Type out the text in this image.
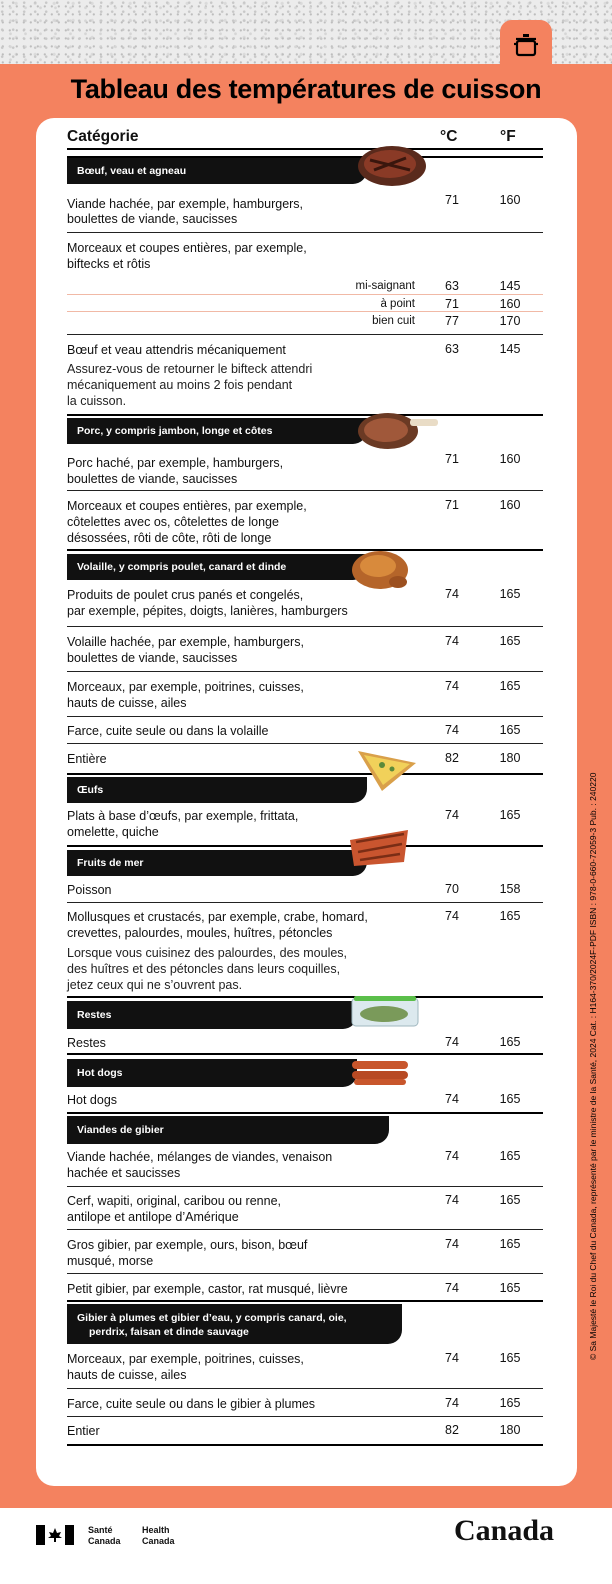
Tableau des températures de cuisson
Catégorie	°C	°F
Bœuf, veau et agneau
Viande hachée, par exemple, hamburgers,
boulettes de viande, saucisses
71	160
Morceaux et coupes entières, par exemple,
biftecks et rôtis
mi-saignant	63	145
à point	71	160
bien cuit	77	170
Bœuf et veau attendris mécaniquement	63	145
Assurez-vous de retourner le bifteck attendri
mécaniquement au moins 2 fois pendant
la cuisson.
Porc, y compris jambon, longe et côtes
Porc haché, par exemple, hamburgers,
boulettes de viande, saucisses
71	160
Morceaux et coupes entières, par exemple,
côtelettes avec os, côtelettes de longe
désossées, rôti de côte, rôti de longe
71	160
Volaille, y compris poulet, canard et dinde
Produits de poulet crus panés et congelés,
par exemple, pépites, doigts, lanières, hamburgers
74	165
Volaille hachée, par exemple, hamburgers,
boulettes de viande, saucisses
74	165
Morceaux, par exemple, poitrines, cuisses,
hauts de cuisse, ailes
74	165
Farce, cuite seule ou dans la volaille	74	165
Entière	82	180
Œufs
Plats à base d’œufs, par exemple, frittata,
omelette, quiche
74	165
Fruits de mer
Poisson	70	158
Mollusques et crustacés, par exemple, crabe, homard,
crevettes, palourdes, moules, huîtres, pétoncles
74	165
Lorsque vous cuisinez des palourdes, des moules,
des huîtres et des pétoncles dans leurs coquilles,
jetez ceux qui ne s’ouvrent pas.
Restes
Restes	74	165
Hot dogs
Hot dogs	74	165
Viandes de gibier
Viande hachée, mélanges de viandes, venaison
hachée et saucisses
74	165
Cerf, wapiti, original, caribou ou renne,
antilope et antilope d’Amérique
74	165
Gros gibier, par exemple, ours, bison, bœuf
musqué, morse
74	165
Petit gibier, par exemple, castor, rat musqué, lièvre	74	165
Gibier à plumes et gibier d’eau, y compris canard, oie,
perdrix, faisan et dinde sauvage
Morceaux, par exemple, poitrines, cuisses,
hauts de cuisse, ailes
74	165
Farce, cuite seule ou dans le gibier à plumes	74	165
Entier	82	180
© Sa Majesté le Roi du Chef du Canada, représenté par le ministre de la Santé, 2024 Cat. : H164-370/2024F-PDF ISBN : 978-0-660-72059-3 Pub. : 240220
Santé
Canada
Health
Canada	Canada
